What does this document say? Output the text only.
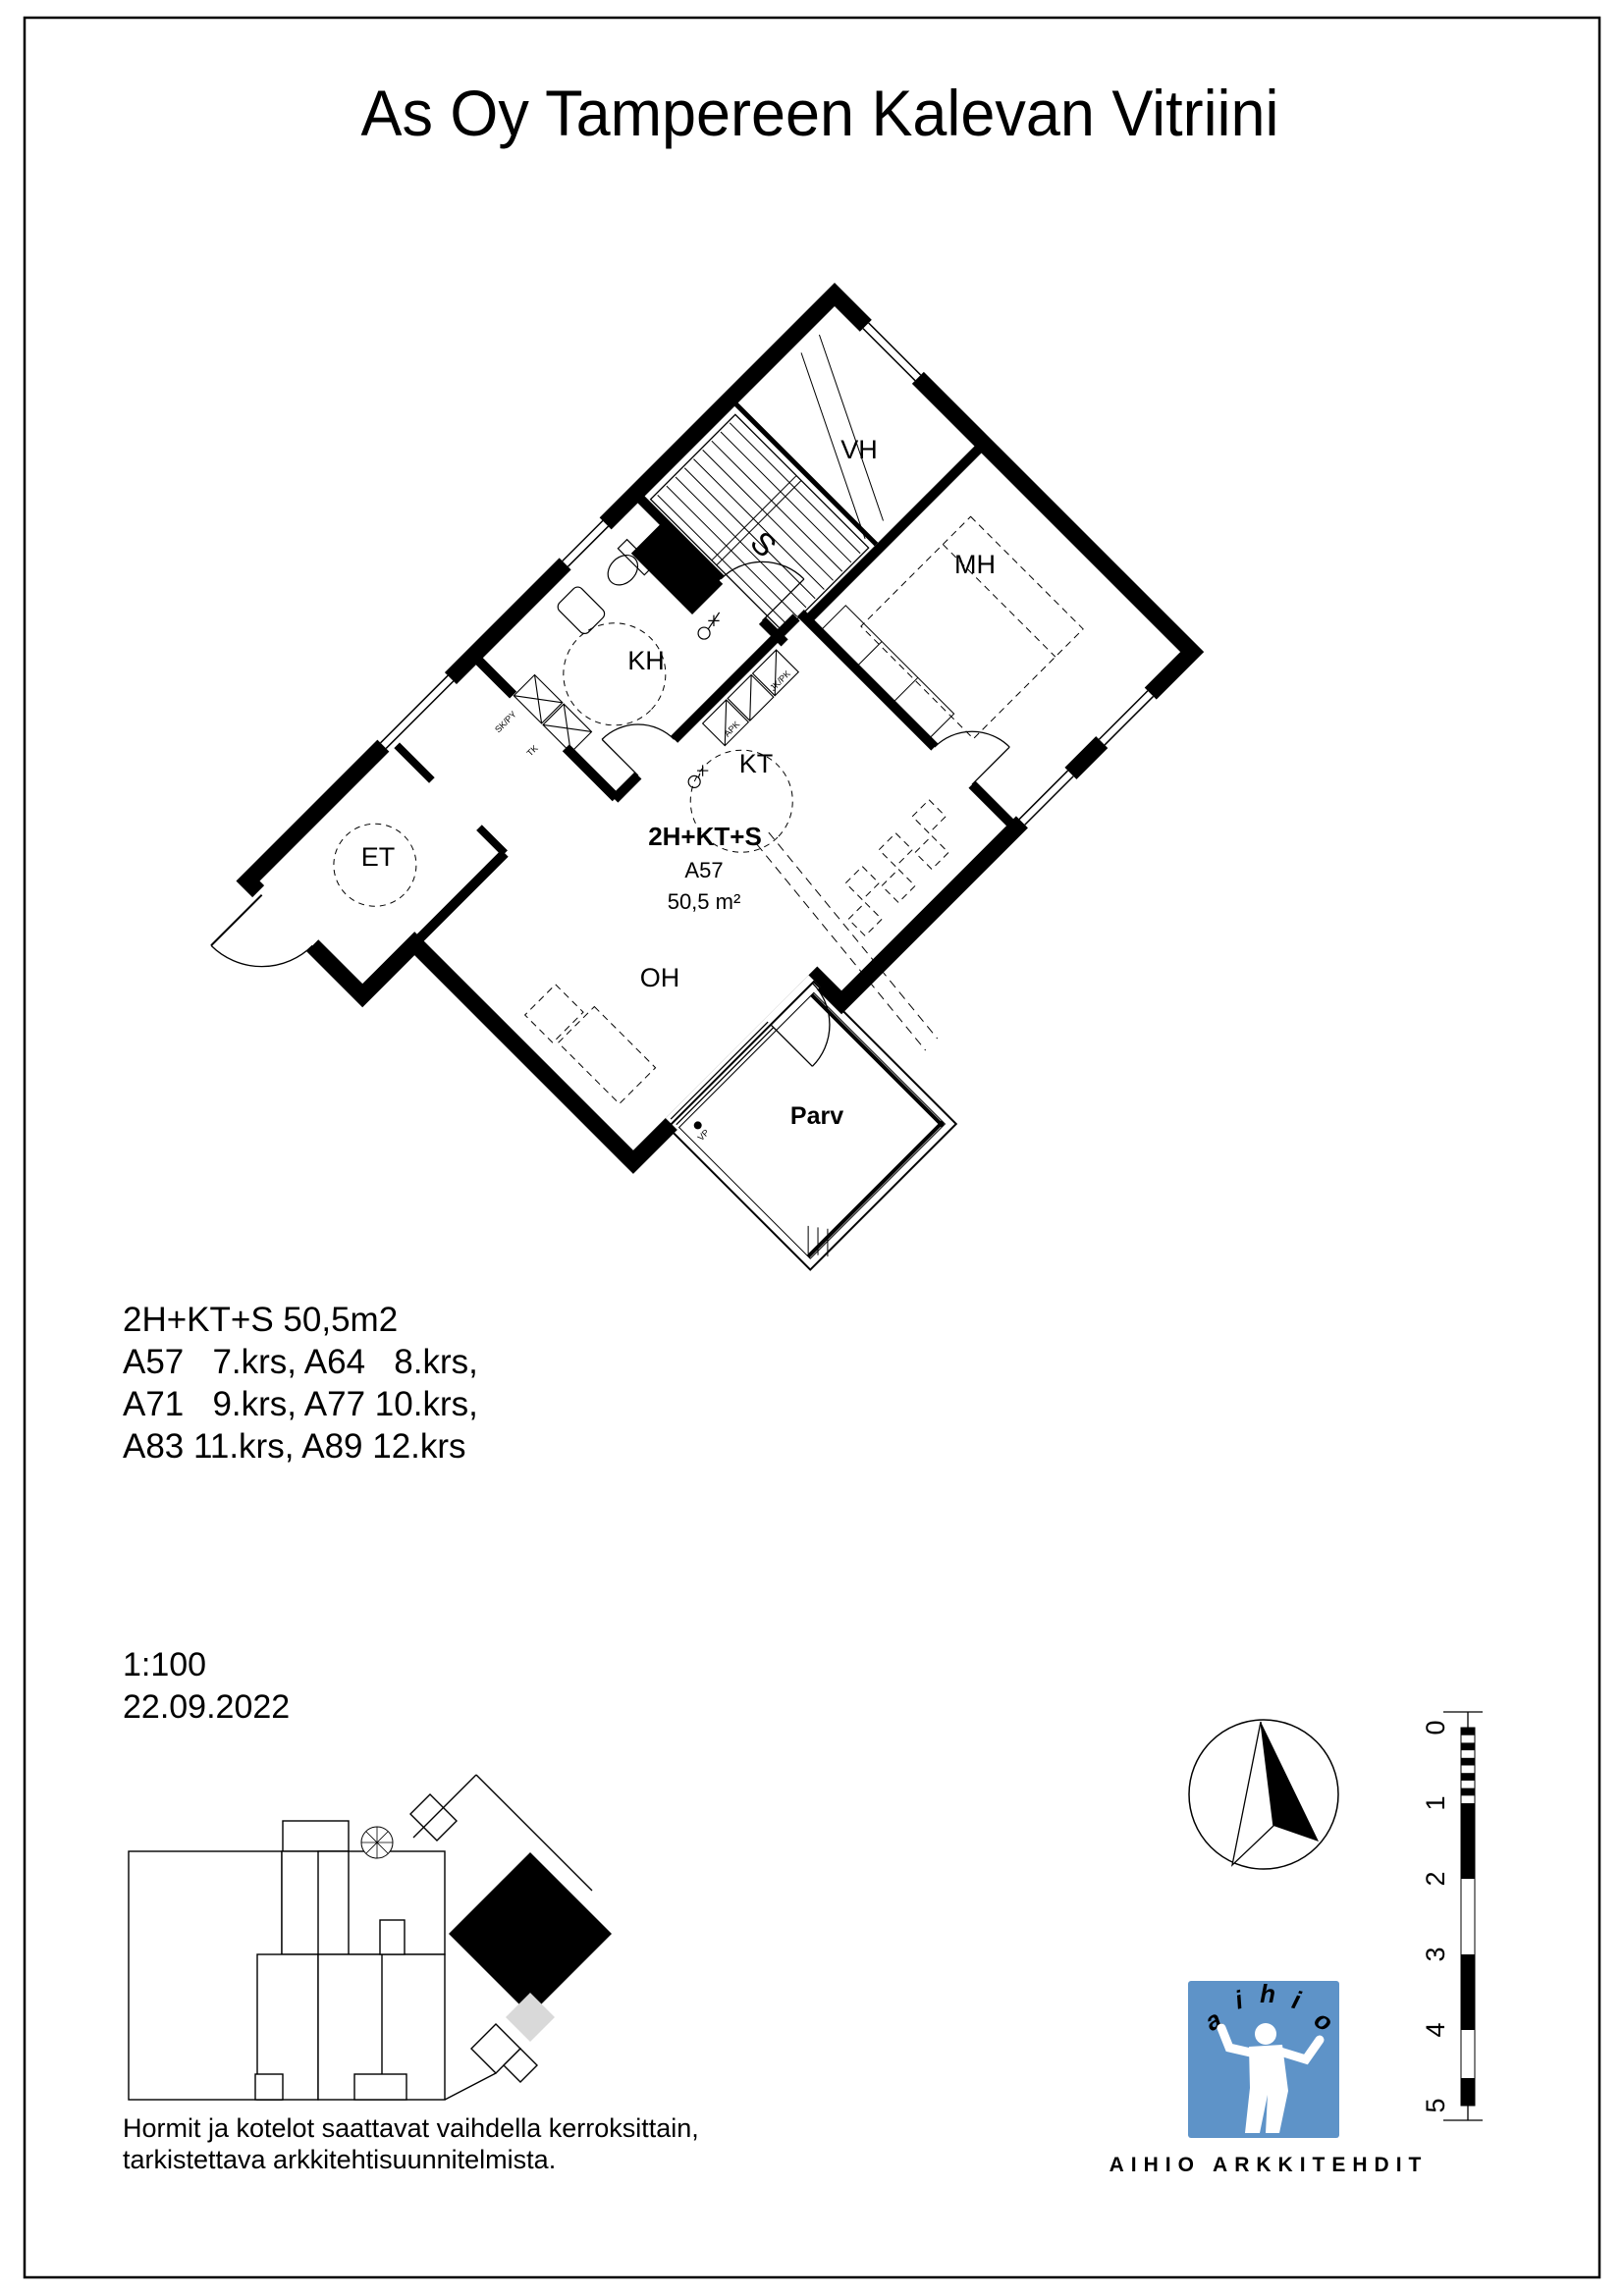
As Oy Tampereen Kalevan Vitriini
S
JK/PK
APK
SK/PY
TK
VP
VH
MH
KH
KT
OH
ET
Parv
2H+KT+S
A57
50,5 m²
2H+KT+S 50,5m2
A57   7.krs, A64   8.krs,
A71   9.krs, A77 10.krs,
A83 11.krs, A89 12.krs
1:100
22.09.2022
0
1
2
3
4
5
a
i h i
o
AIHIO ARKKITEHDIT
Hormit ja kotelot saattavat vaihdella kerroksittain,
tarkistettava arkkitehtisuunnitelmista.
